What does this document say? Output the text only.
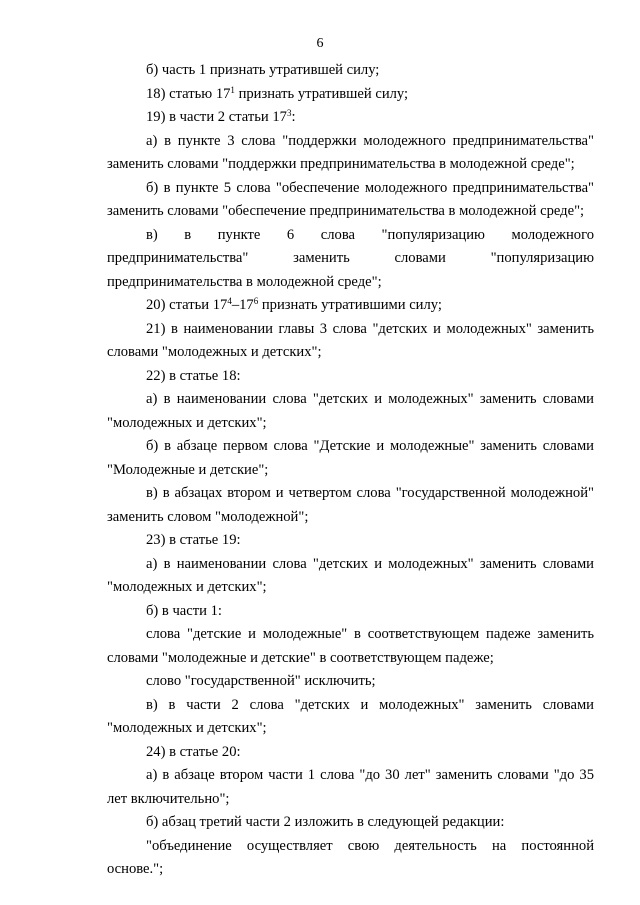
6

б) часть 1 признать утратившей силу;

18) статью $17^1$ признать утратившей силу;

19) в части 2 статьи $17^3$:

а) в пункте 3 слова "поддержки молодежного предпринимательства" заменить словами "поддержки предпринимательства в молодежной среде";

б) в пункте 5 слова "обеспечение молодежного предпринимательства" заменить словами "обеспечение предпринимательства в молодежной среде";

в) в пункте 6 слова "популяризацию молодежного предпринимательства" заменить словами "популяризацию предпринимательства в молодежной среде";

20) статьи $17^4-17^6$ признать утратившими силу;

21) в наименовании главы 3 слова "детских и молодежных" заменить словами "молодежных и детских";

22) в статье 18:

а) в наименовании слова "детских и молодежных" заменить словами "молодежных и детских";

б) в абзаце первом слова "Детские и молодежные" заменить словами "Молодежные и детские";

в) в абзацах втором и четвертом слова "государственной молодежной" заменить словом "молодежной";

23) в статье 19:

а) в наименовании слова "детских и молодежных" заменить словами "молодежных и детских";

б) в части 1:

слова "детские и молодежные" в соответствующем падеже заменить словами "молодежные и детские" в соответствующем падеже;

слово "государственной" исключить;

в) в части 2 слова "детских и молодежных" заменить словами "молодежных и детских";

24) в статье 20:

а) в абзаце втором части 1 слова "до 30 лет" заменить словами "до 35 лет включительно";

б) абзац третий части 2 изложить в следующей редакции:

"объединение осуществляет свою деятельность на постоянной основе.";
